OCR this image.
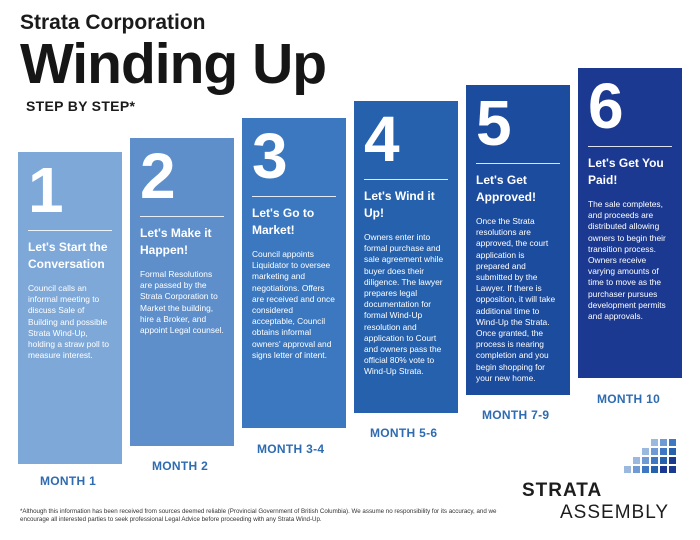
Strata Corporation

Winding Up

STEP BY STEP*

1
Let's Start the Conversation
Council calls an informal meeting to discuss Sale of Building and possible Strata Wind-Up, holding a straw poll to measure interest.
MONTH 1
2
Let's Make it Happen!
Formal Resolutions are passed by the Strata Corporation to Market the building, hire a Broker, and appoint Legal counsel.
MONTH 2
3
Let's Go to Market!
Council appoints Liquidator to oversee marketing and negotiations. Offers are received and once considered acceptable, Council obtains informal owners' approval and signs letter of intent.
MONTH 3-4
4
Let's Wind it Up!
Owners enter into formal purchase and sale agreement while buyer does their diligence. The lawyer prepares legal documentation for formal Wind-Up resolution and application to Court and owners pass the official 80% vote to Wind-Up Strata.
MONTH 5-6
5
Let's Get Approved!
Once the Strata resolutions are approved, the court application is prepared and submitted by the Lawyer. If there is opposition, it will take additional time to Wind-Up the Strata. Once granted, the process is nearing completion and you begin shopping for your new home.
MONTH 7-9
6
Let's Get You Paid!
The sale completes, and proceeds are distributed allowing owners to begin their transition process. Owners receive varying amounts of time to move as the purchaser pursues development permits and approvals.
MONTH 10
*Although this information has been received from sources deemed reliable (Provincial Government of British Columbia). We assume no responsibility for its accuracy, and we encourage all interested parties to seek professional Legal Advice before proceeding with any Strata Wind-Up.
STRATA
ASSEMBLY
